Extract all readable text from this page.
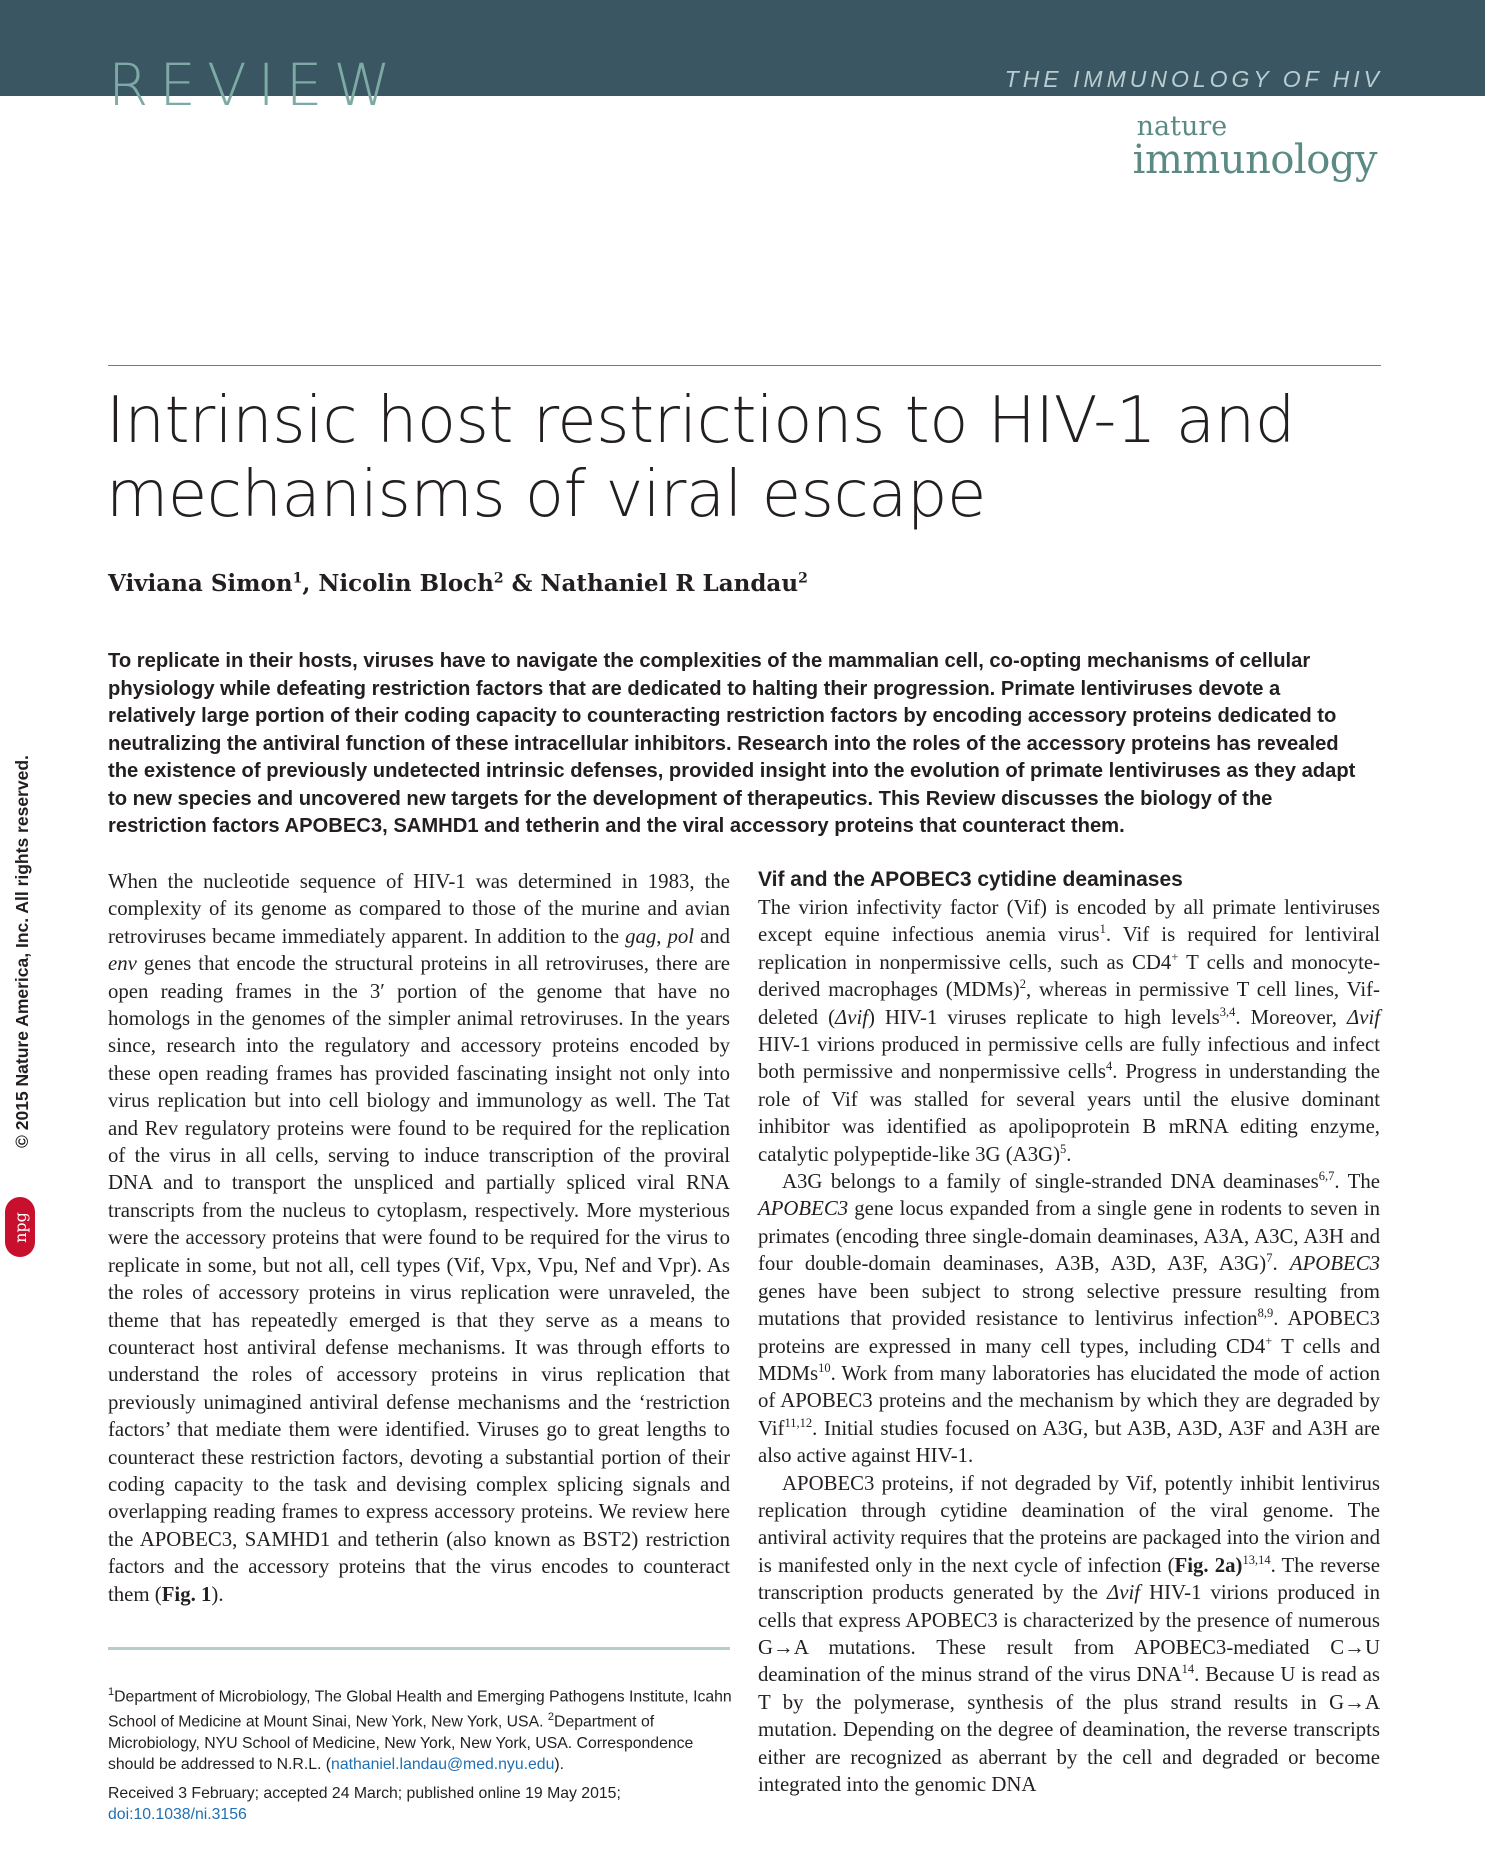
REVIEW	THE IMMUNOLOGY OF HIV
nature
immunology
Intrinsic host restrictions to HIV-1 and mechanisms of viral escape
Viviana Simon$^1$, Nicolin Bloch$^2$ & Nathaniel R Landau$^2$

To replicate in their hosts, viruses have to navigate the complexities of the mammalian cell, co-opting mechanisms of cellular physiology while defeating restriction factors that are dedicated to halting their progression. Primate lentiviruses devote a relatively large portion of their coding capacity to counteracting restriction factors by encoding accessory proteins dedicated to neutralizing the antiviral function of these intracellular inhibitors. Research into the roles of the accessory proteins has revealed the existence of previously undetected intrinsic defenses, provided insight into the evolution of primate lentiviruses as they adapt to new species and uncovered new targets for the development of therapeutics. This Review discusses the biology of the restriction factors APOBEC3, SAMHD1 and tetherin and the viral accessory proteins that counteract them.

© 2015 Nature America, Inc. All rights reserved.
npg

When the nucleotide sequence of HIV-1 was determined in 1983, the complexity of its genome as compared to those of the murine and avian retroviruses became immediately apparent. In addition to the gag, pol and env genes that encode the structural proteins in all retroviruses, there are open reading frames in the 3′ portion of the genome that have no homologs in the genomes of the simpler animal retroviruses. In the years since, research into the regulatory and accessory proteins encoded by these open reading frames has provided fascinating insight not only into virus replication but into cell biology and immunology as well. The Tat and Rev regulatory proteins were found to be required for the replication of the virus in all cells, serving to induce transcription of the proviral DNA and to transport the unspliced and partially spliced viral RNA transcripts from the nucleus to cytoplasm, respectively. More mysterious were the accessory proteins that were found to be required for the virus to replicate in some, but not all, cell types (Vif, Vpx, Vpu, Nef and Vpr). As the roles of accessory proteins in virus replication were unraveled, the theme that has repeatedly emerged is that they serve as a means to counteract host antiviral defense mechanisms. It was through efforts to understand the roles of accessory proteins in virus replication that previously unimagined antiviral defense mechanisms and the ‘restriction factors’ that mediate them were identified. Viruses go to great lengths to counteract these restriction factors, devoting a substantial portion of their coding capacity to the task and devising complex splicing signals and overlapping reading frames to express accessory proteins. We review here the APOBEC3, SAMHD1 and tetherin (also known as BST2) restriction factors and the accessory proteins that the virus encodes to counteract them (Fig. 1).

Vif and the APOBEC3 cytidine deaminases

The virion infectivity factor (Vif) is encoded by all primate lentiviruses except equine infectious anemia virus$^1$. Vif is required for lentiviral replication in nonpermissive cells, such as CD4+ T cells and monocyte-derived macrophages (MDMs)$^2$, whereas in permissive T cell lines, Vif-deleted (Δvif) HIV-1 viruses replicate to high levels$^{3,4}$. Moreover, Δvif HIV-1 virions produced in permissive cells are fully infectious and infect both permissive and nonpermissive cells$^4$. Progress in understanding the role of Vif was stalled for several years until the elusive dominant inhibitor was identified as apolipoprotein B mRNA editing enzyme, catalytic polypeptide-like 3G $(A3G)^5$.

A3G belongs to a family of single-stranded DNA deaminases$^{6,7}$. The APOBEC3 gene locus expanded from a single gene in rodents to seven in primates (encoding three single-domain deaminases, A3A, A3C, A3H and four double-domain deaminases, A3B, A3D, A3F, A3G)$^7$. APOBEC3 genes have been subject to strong selective pressure resulting from mutations that provided resistance to lentivirus infection$^{8,9}$. APOBEC3 proteins are expressed in many cell types, including CD4+ T cells and MDMs$^{10}$. Work from many laboratories has elucidated the mode of action of APOBEC3 proteins and the mechanism by which they are degraded by Vif$^{11,12}$. Initial studies focused on A3G, but A3B, A3D, A3F and A3H are also active against HIV-1.

APOBEC3 proteins, if not degraded by Vif, potently inhibit lentivirus replication through cytidine deamination of the viral genome. The antiviral activity requires that the proteins are packaged into the virion and is manifested only in the next cycle of infection (Fig. 2a)$^{13,14}$. The reverse transcription products generated by the Δvif HIV-1 virions produced in cells that express APOBEC3 is characterized by the presence of numerous G→A mutations. These result from APOBEC3-mediated C→U deamination of the minus strand of the virus DNA$^{14}$. Because U is read as T by the polymerase, synthesis of the plus strand results in G→A mutation. Depending on the degree of deamination, the reverse transcripts either are recognized as aberrant by the cell and degraded or become integrated into the genomic DNA

$^1$Department of Microbiology, The Global Health and Emerging Pathogens Institute, Icahn School of Medicine at Mount Sinai, New York, New York, USA. $^2$Department of Microbiology, NYU School of Medicine, New York, New York, USA. Correspondence should be addressed to N.R.L. (nathaniel.landau@med.nyu.edu).

Received 3 February; accepted 24 March; published online 19 May 2015;
doi:10.1038/ni.3156
